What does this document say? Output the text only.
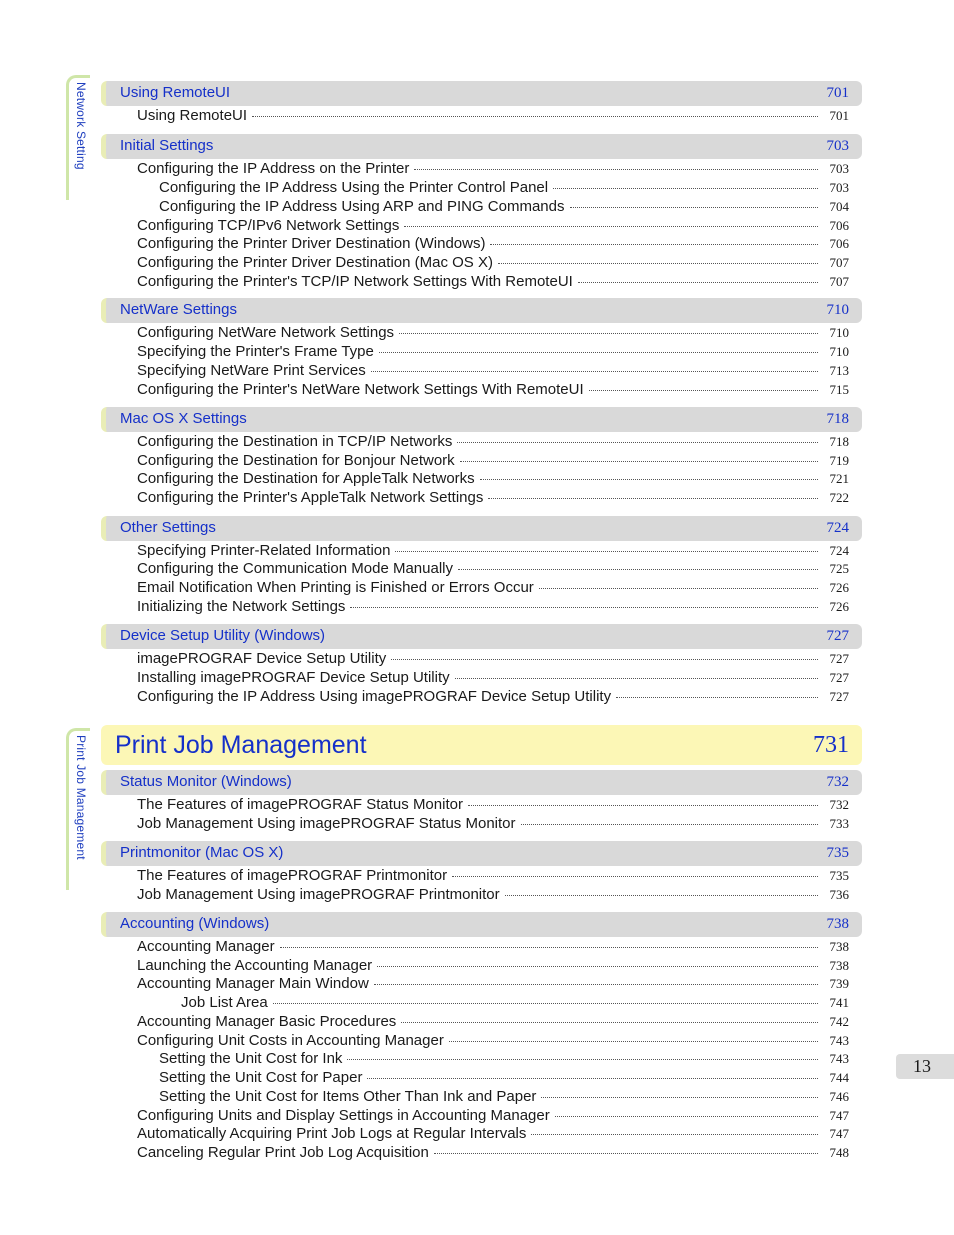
Network Setting
Print Job Management
Using RemoteUI	701
Using RemoteUI	701
Initial Settings	703
Configuring the IP Address on the Printer	703
Configuring the IP Address Using the Printer Control Panel	703
Configuring the IP Address Using ARP and PING Commands	704
Configuring TCP/IPv6 Network Settings	706
Configuring the Printer Driver Destination (Windows)	706
Configuring the Printer Driver Destination (Mac OS X)	707
Configuring the Printer's TCP/IP Network Settings With RemoteUI	707
NetWare Settings	710
Configuring NetWare Network Settings	710
Specifying the Printer's Frame Type	710
Specifying NetWare Print Services	713
Configuring the Printer's NetWare Network Settings With RemoteUI	715
Mac OS X Settings	718
Configuring the Destination in TCP/IP Networks	718
Configuring the Destination for Bonjour Network	719
Configuring the Destination for AppleTalk Networks	721
Configuring the Printer's AppleTalk Network Settings	722
Other Settings	724
Specifying Printer-Related Information	724
Configuring the Communication Mode Manually	725
Email Notification When Printing is Finished or Errors Occur	726
Initializing the Network Settings	726
Device Setup Utility (Windows)	727
imagePROGRAF Device Setup Utility	727
Installing imagePROGRAF Device Setup Utility	727
Configuring the IP Address Using imagePROGRAF Device Setup Utility	727
Print Job Management	731
Status Monitor (Windows)	732
The Features of imagePROGRAF Status Monitor	732
Job Management Using imagePROGRAF Status Monitor	733
Printmonitor (Mac OS X)	735
The Features of imagePROGRAF Printmonitor	735
Job Management Using imagePROGRAF Printmonitor	736
Accounting (Windows)	738
Accounting Manager	738
Launching the Accounting Manager	738
Accounting Manager Main Window	739
Job List Area	741
Accounting Manager Basic Procedures	742
Configuring Unit Costs in Accounting Manager	743
Setting the Unit Cost for Ink	743
Setting the Unit Cost for Paper	744
Setting the Unit Cost for Items Other Than Ink and Paper	746
Configuring Units and Display Settings in Accounting Manager	747
Automatically Acquiring Print Job Logs at Regular Intervals	747
Canceling Regular Print Job Log Acquisition	748
13
